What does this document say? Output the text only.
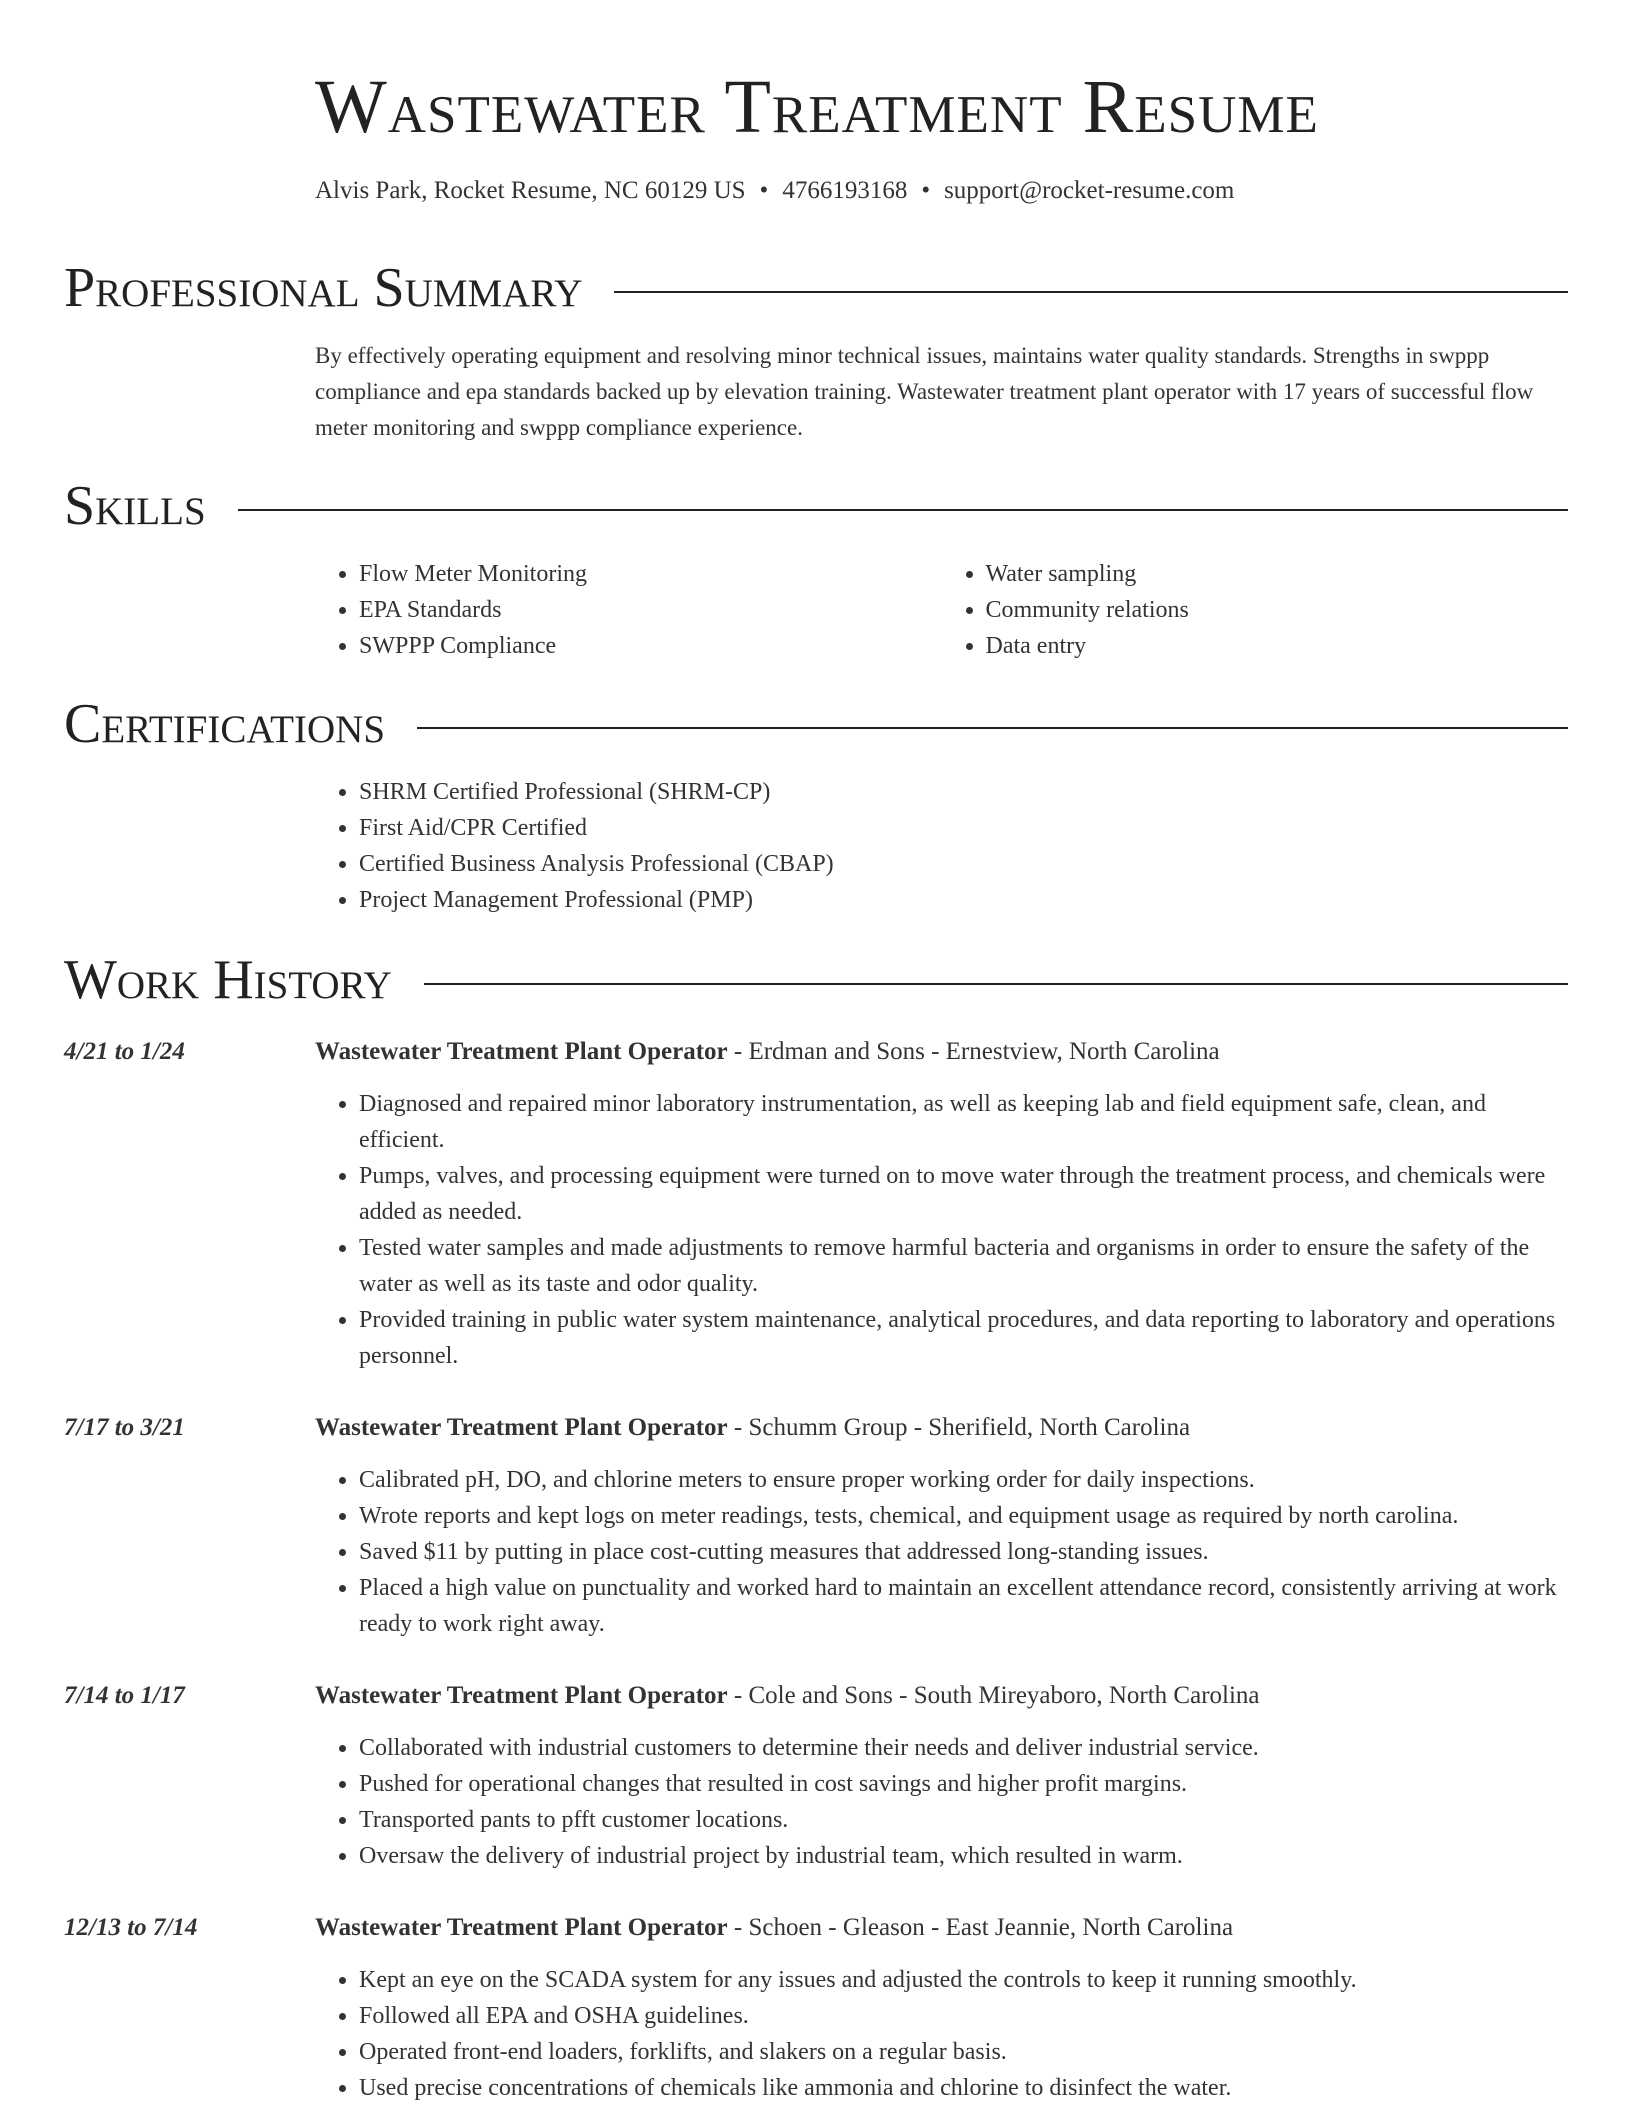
Wastewater Treatment Resume
Alvis Park, Rocket Resume, NC 60129 US • 4766193168 • support@rocket-resume.com
Professional Summary

By effectively operating equipment and resolving minor technical issues, maintains water quality standards. Strengths in swppp compliance and epa standards backed up by elevation training. Wastewater treatment plant operator with 17 years of successful flow meter monitoring and swppp compliance experience.

Skills
• Flow Meter Monitoring
• EPA Standards
• SWPPP Compliance
• Water sampling
• Community relations
• Data entry
Certifications
• SHRM Certified Professional (SHRM-CP)
• First Aid/CPR Certified
• Certified Business Analysis Professional (CBAP)
• Project Management Professional (PMP)
Work History
4/21 to 1/24	Wastewater Treatment Plant Operator - Erdman and Sons - Ernestview, North Carolina
• Diagnosed and repaired minor laboratory instrumentation, as well as keeping lab and field equipment safe, clean, and efficient.
• Pumps, valves, and processing equipment were turned on to move water through the treatment process, and chemicals were added as needed.
• Tested water samples and made adjustments to remove harmful bacteria and organisms in order to ensure the safety of the water as well as its taste and odor quality.
• Provided training in public water system maintenance, analytical procedures, and data reporting to laboratory and operations personnel.
7/17 to 3/21	Wastewater Treatment Plant Operator - Schumm Group - Sherifield, North Carolina
• Calibrated pH, DO, and chlorine meters to ensure proper working order for daily inspections.
• Wrote reports and kept logs on meter readings, tests, chemical, and equipment usage as required by north carolina.
• Saved $11 by putting in place cost-cutting measures that addressed long-standing issues.
• Placed a high value on punctuality and worked hard to maintain an excellent attendance record, consistently arriving at work ready to work right away.
7/14 to 1/17	Wastewater Treatment Plant Operator - Cole and Sons - South Mireyaboro, North Carolina
• Collaborated with industrial customers to determine their needs and deliver industrial service.
• Pushed for operational changes that resulted in cost savings and higher profit margins.
• Transported pants to pfft customer locations.
• Oversaw the delivery of industrial project by industrial team, which resulted in warm.
12/13 to 7/14	Wastewater Treatment Plant Operator - Schoen - Gleason - East Jeannie, North Carolina
• Kept an eye on the SCADA system for any issues and adjusted the controls to keep it running smoothly.
• Followed all EPA and OSHA guidelines.
• Operated front-end loaders, forklifts, and slakers on a regular basis.
• Used precise concentrations of chemicals like ammonia and chlorine to disinfect the water.
